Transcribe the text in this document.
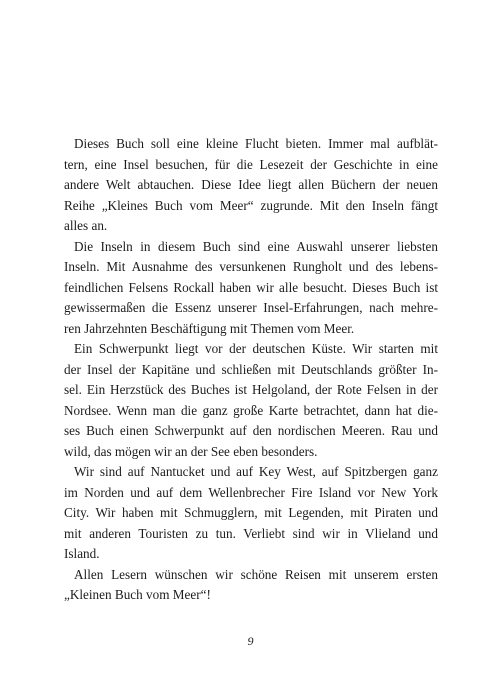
Dieses Buch soll eine kleine Flucht bieten. Immer mal aufblät-
tern, eine Insel besuchen, für die Lesezeit der Geschichte in eine
andere Welt abtauchen. Diese Idee liegt allen Büchern der neuen
Reihe „Kleines Buch vom Meer“ zugrunde. Mit den Inseln fängt
alles an.

Die Inseln in diesem Buch sind eine Auswahl unserer liebsten
Inseln. Mit Ausnahme des versunkenen Rungholt und des lebens-
feindlichen Felsens Rockall haben wir alle besucht. Dieses Buch ist
gewissermaßen die Essenz unserer Insel-Erfahrungen, nach mehre-
ren Jahrzehnten Beschäftigung mit Themen vom Meer.

Ein Schwerpunkt liegt vor der deutschen Küste. Wir starten mit
der Insel der Kapitäne und schließen mit Deutschlands größter In-
sel. Ein Herzstück des Buches ist Helgoland, der Rote Felsen in der
Nordsee. Wenn man die ganz große Karte betrachtet, dann hat die-
ses Buch einen Schwerpunkt auf den nordischen Meeren. Rau und
wild, das mögen wir an der See eben besonders.

Wir sind auf Nantucket und auf Key West, auf Spitzbergen ganz
im Norden und auf dem Wellenbrecher Fire Island vor New York
City. Wir haben mit Schmugglern, mit Legenden, mit Piraten und
mit anderen Touristen zu tun. Verliebt sind wir in Vlieland und
Island.

Allen Lesern wünschen wir schöne Reisen mit unserem ersten
„Kleinen Buch vom Meer“!

9
